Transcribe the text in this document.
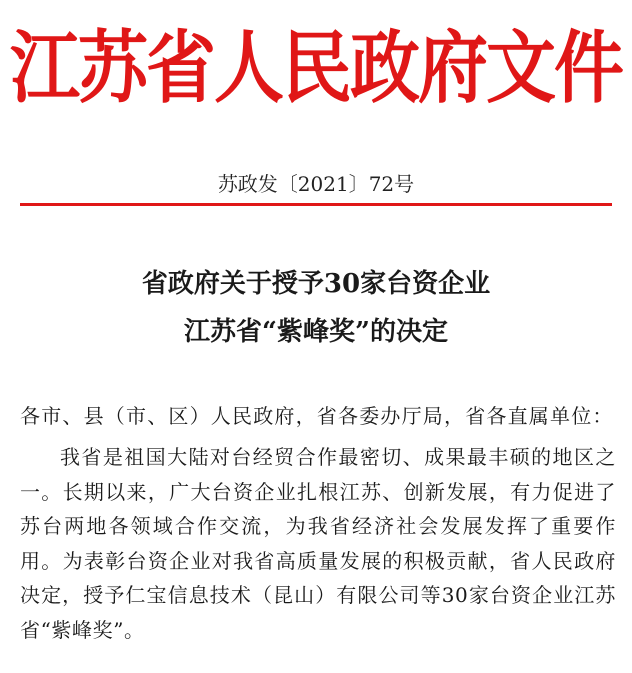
江苏省人民政府文件
苏政发〔2021〕72号
省政府关于授予30家台资企业
江苏省“紫峰奖”的决定
各市、县（市、区）人民政府，省各委办厅局，省各直属单位：
我省是祖国大陆对台经贸合作最密切、成果最丰硕的地区之一。长期以来，广大台资企业扎根江苏、创新发展，有力促进了苏台两地各领域合作交流，为我省经济社会发展发挥了重要作用。为表彰台资企业对我省高质量发展的积极贡献，省人民政府决定，授予仁宝信息技术（昆山）有限公司等30家台资企业江苏省“紫峰奖”。
